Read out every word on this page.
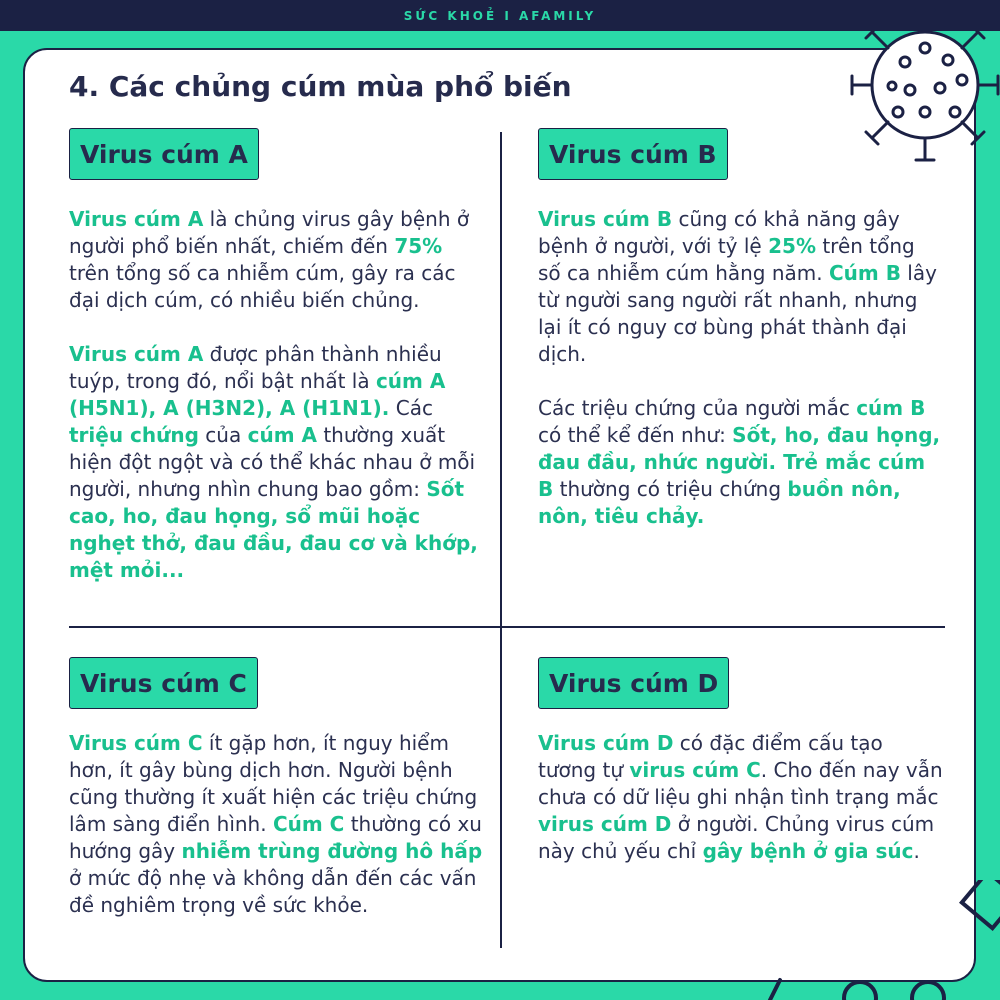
SỨC KHOẺ I AFAMILY
4. Các chủng cúm mùa phổ biến
Virus cúm A	Virus cúm B
Virus cúm C	Virus cúm D

Virus cúm A là chủng virus gây bệnh ở người phổ biến nhất, chiếm đến 75% trên tổng số ca nhiễm cúm, gây ra các đại dịch cúm, có nhiều biến chủng.

Virus cúm A được phân thành nhiều tuýp, trong đó, nổi bật nhất là cúm A (H5N1), A (H3N2), A (H1N1). Các triệu chứng của cúm A thường xuất hiện đột ngột và có thể khác nhau ở mỗi người, nhưng nhìn chung bao gồm: Sốt cao, ho, đau họng, sổ mũi hoặc nghẹt thở, đau đầu, đau cơ và khớp, mệt mỏi...

Virus cúm B cũng có khả năng gây bệnh ở người, với tỷ lệ 25% trên tổng số ca nhiễm cúm hằng năm. Cúm B lây từ người sang người rất nhanh, nhưng lại ít có nguy cơ bùng phát thành đại dịch.

Các triệu chứng của người mắc cúm B có thể kể đến như: Sốt, ho, đau họng, đau đầu, nhức người. Trẻ mắc cúm B thường có triệu chứng buồn nôn, nôn, tiêu chảy.

Virus cúm C ít gặp hơn, ít nguy hiểm hơn, ít gây bùng dịch hơn. Người bệnh cũng thường ít xuất hiện các triệu chứng lâm sàng điển hình. Cúm C thường có xu hướng gây nhiễm trùng đường hô hấp ở mức độ nhẹ và không dẫn đến các vấn đề nghiêm trọng về sức khỏe.

Virus cúm D có đặc điểm cấu tạo tương tự virus cúm C. Cho đến nay vẫn chưa có dữ liệu ghi nhận tình trạng mắc virus cúm D ở người. Chủng virus cúm này chủ yếu chỉ gây bệnh ở gia súc.
